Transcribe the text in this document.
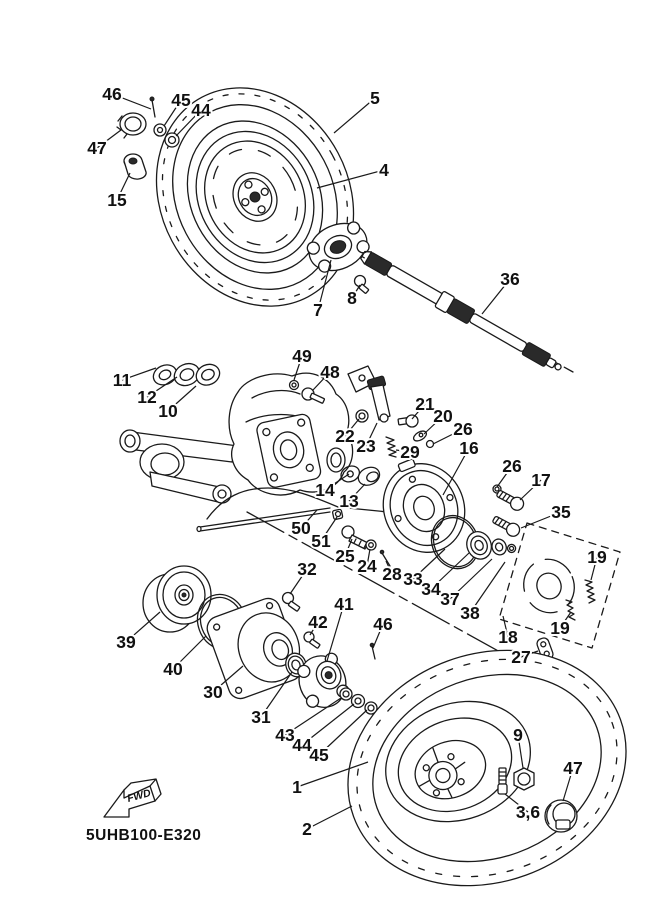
FWD
5UHB100-E320
46	45 44
47
15
5
4
36
7
8
11
12
10
49
48
22 23
21
20
26
29 16
14
13
50
51
25 24 28 33
34 37
38
26
17
35
19
19
18
27
32
39
40
30
31
42
41
43
44
45
46
1
2
9
47
3,6
